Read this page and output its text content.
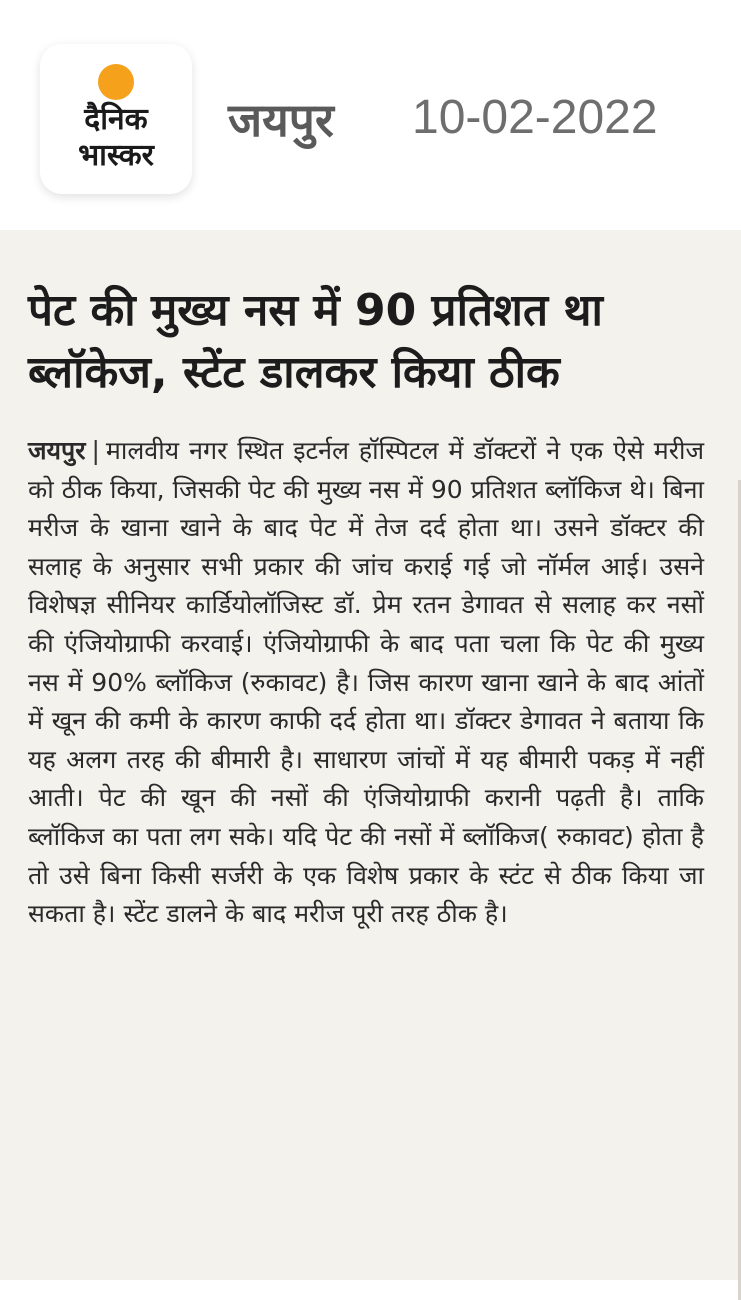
दैनिक
भास्कर
जयपुर 10-02-2022
पेट की मुख्य नस में 90 प्रतिशत था ब्लॉकेज, स्टेंट डालकर किया ठीक

जयपुर | मालवीय नगर स्थित इटर्नल हॉस्पिटल में डॉक्टरों ने एक ऐसे मरीज को ठीक किया, जिसकी पेट की मुख्य नस में 90 प्रतिशत ब्लॉकिज थे। बिना मरीज के खाना खाने के बाद पेट में तेज दर्द होता था। उसने डॉक्टर की सलाह के अनुसार सभी प्रकार की जांच कराई गई जो नॉर्मल आई। उसने विशेषज्ञ सीनियर कार्डियोलॉजिस्ट डॉ. प्रेम रतन डेगावत से सलाह कर नसों की एंजियोग्राफी करवाई। एंजियोग्राफी के बाद पता चला कि पेट की मुख्य नस में 90% ब्लॉकिज (रुकावट) है। जिस कारण खाना खाने के बाद आंतों में खून की कमी के कारण काफी दर्द होता था। डॉक्टर डेगावत ने बताया कि यह अलग तरह की बीमारी है। साधारण जांचों में यह बीमारी पकड़ में नहीं आती। पेट की खून की नसों की एंजियोग्राफी करानी पढ़ती है। ताकि ब्लॉकिज का पता लग सके। यदि पेट की नसों में ब्लॉकिज( रुकावट) होता है तो उसे बिना किसी सर्जरी के एक विशेष प्रकार के स्टंट से ठीक किया जा सकता है। स्टेंट डालने के बाद मरीज पूरी तरह ठीक है।
